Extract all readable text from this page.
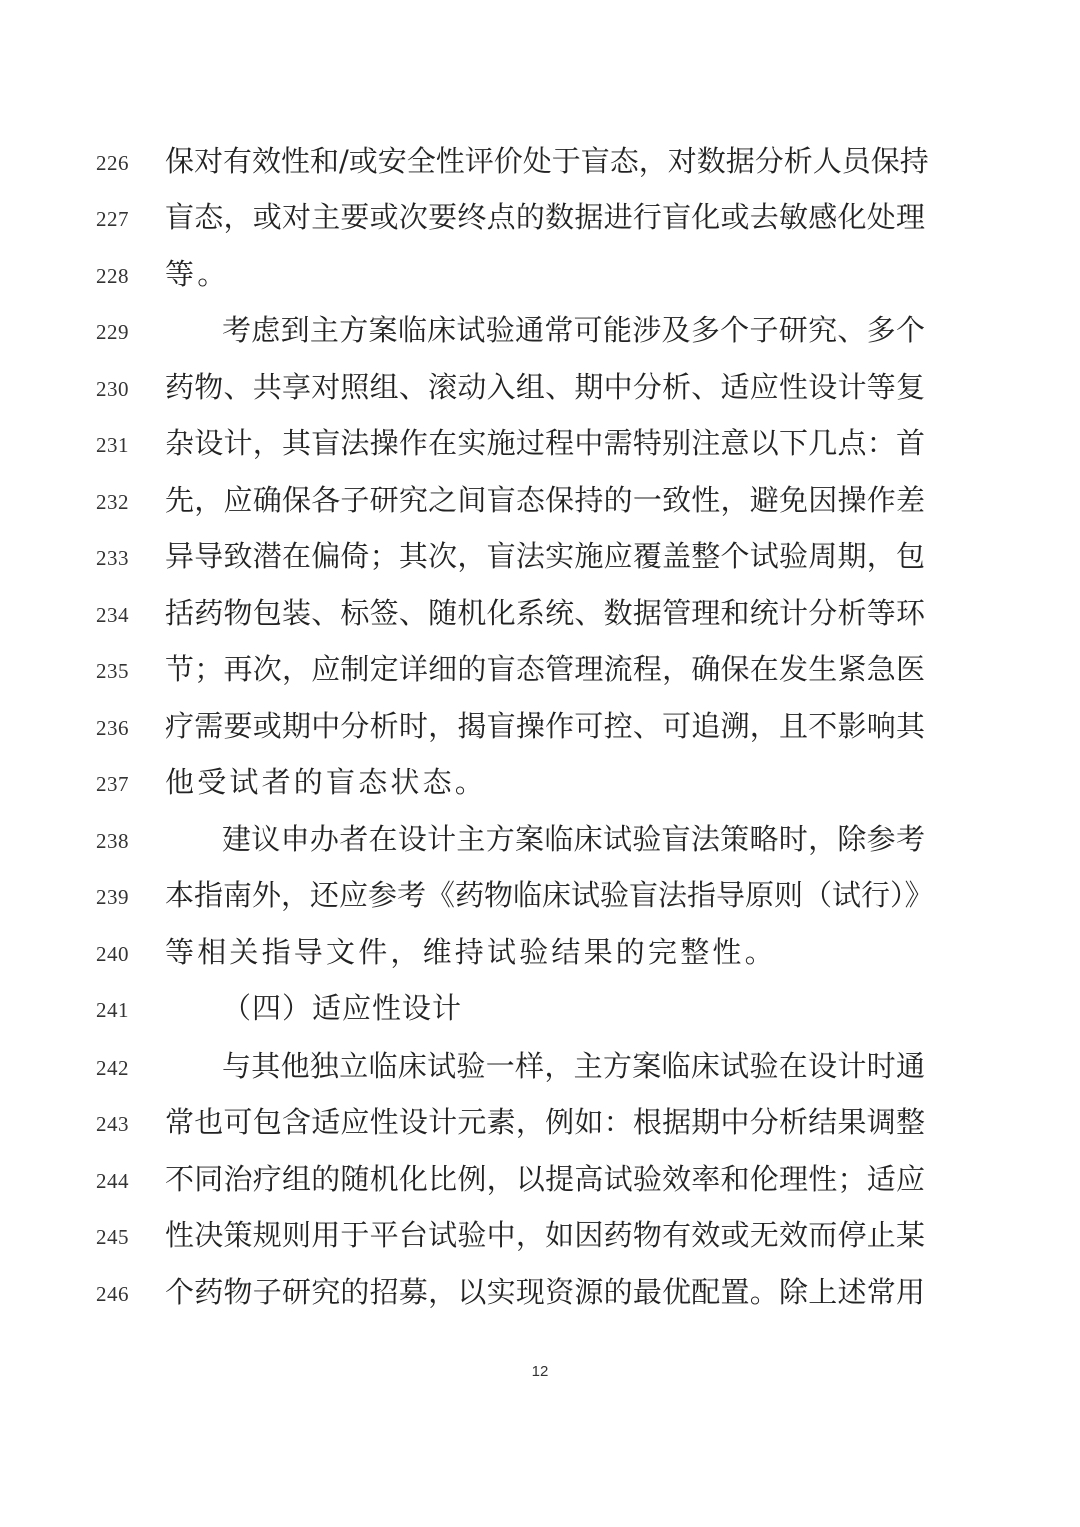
226 保对有效性和/或安全性评价处于盲态，对数据分析人员保持
227 盲态，或对主要或次要终点的数据进行盲化或去敏感化处理
228 等。
229	考虑到主方案临床试验通常可能涉及多个子研究、多个
230 药物、共享对照组、滚动入组、期中分析、适应性设计等复
231 杂设计，其盲法操作在实施过程中需特别注意以下几点：首
232 先，应确保各子研究之间盲态保持的一致性，避免因操作差
233 异导致潜在偏倚；其次，盲法实施应覆盖整个试验周期，包
234 括药物包装、标签、随机化系统、数据管理和统计分析等环
235 节；再次，应制定详细的盲态管理流程，确保在发生紧急医
236 疗需要或期中分析时，揭盲操作可控、可追溯，且不影响其
237 他受试者的盲态状态。
238	建议申办者在设计主方案临床试验盲法策略时，除参考
239 本指南外，还应参考《药物临床试验盲法指导原则（试行）》
240 等相关指导文件，维持试验结果的完整性。
241	（四）适应性设计
242	与其他独立临床试验一样，主方案临床试验在设计时通
243 常也可包含适应性设计元素，例如：根据期中分析结果调整
244 不同治疗组的随机化比例，以提高试验效率和伦理性；适应
245 性决策规则用于平台试验中，如因药物有效或无效而停止某
246 个药物子研究的招募，以实现资源的最优配置。除上述常用
12
